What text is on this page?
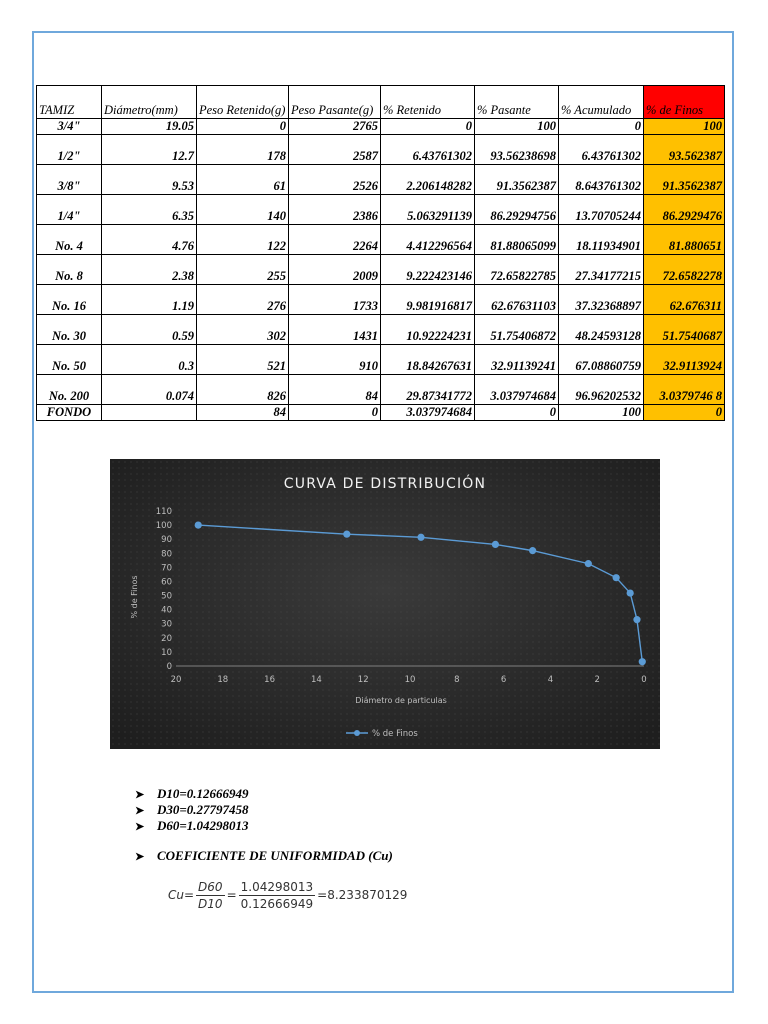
TAMIZ	Diámetro(mm)	Peso Retenido(g)	Peso Pasante(g)	% Retenido	% Pasante	% Acumulado	% de Finos
3/4"	19.05	0	2765	0	100	0	100
1/2"	12.7	178	2587	6.43761302	93.56238698	6.43761302	93.562387
3/8"	9.53	61	2526	2.206148282	91.3562387	8.643761302	91.3562387
1/4"	6.35	140	2386	5.063291139	86.29294756	13.70705244	86.2929476
No. 4	4.76	122	2264	4.412296564	81.88065099	18.11934901	81.880651
No. 8	2.38	255	2009	9.222423146	72.65822785	27.34177215	72.6582278
No. 16	1.19	276	1733	9.981916817	62.67631103	37.32368897	62.676311
No. 30	0.59	302	1431	10.92224231	51.75406872	48.24593128	51.7540687
No. 50	0.3	521	910	18.84267631	32.91139241	67.08860759	32.9113924
No. 200	0.074	826	84	29.87341772	3.037974684	96.96202532	3.0379746 8
FONDO		84	0	3.037974684	0	100	0
CURVA DE DISTRIBUCIÓN
0
10
20
30
40
50
60
70
80
90
100
110
20	18	16	14	12	10	8	6	4	2	0
% de Finos
Diámetro de particulas
% de Finos
➤ D10=0.12666949
➤ D30=0.27797458
➤ D60=1.04298013
➤ COEFICIENTE DE UNIFORMIDAD (Cu)
$Cu= \frac{D60}{D10} = \frac{1.04298013}{0.12666949} = 8.233870129$
